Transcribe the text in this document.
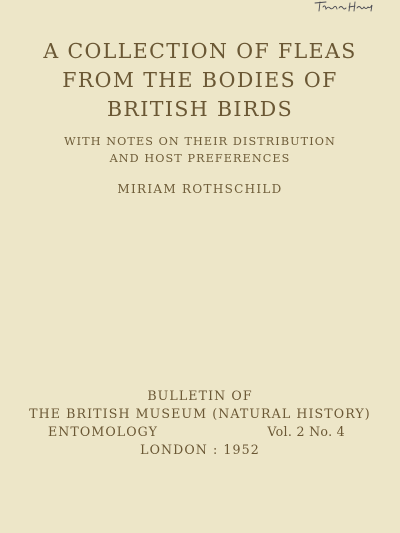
A COLLECTION OF FLEAS
FROM THE BODIES OF
BRITISH BIRDS
WITH NOTES ON THEIR DISTRIBUTION
AND HOST PREFERENCES
MIRIAM ROTHSCHILD
BULLETIN OF
THE BRITISH MUSEUM (NATURAL HISTORY)
ENTOMOLOGY	Vol. 2 No. 4
LONDON : 1952
